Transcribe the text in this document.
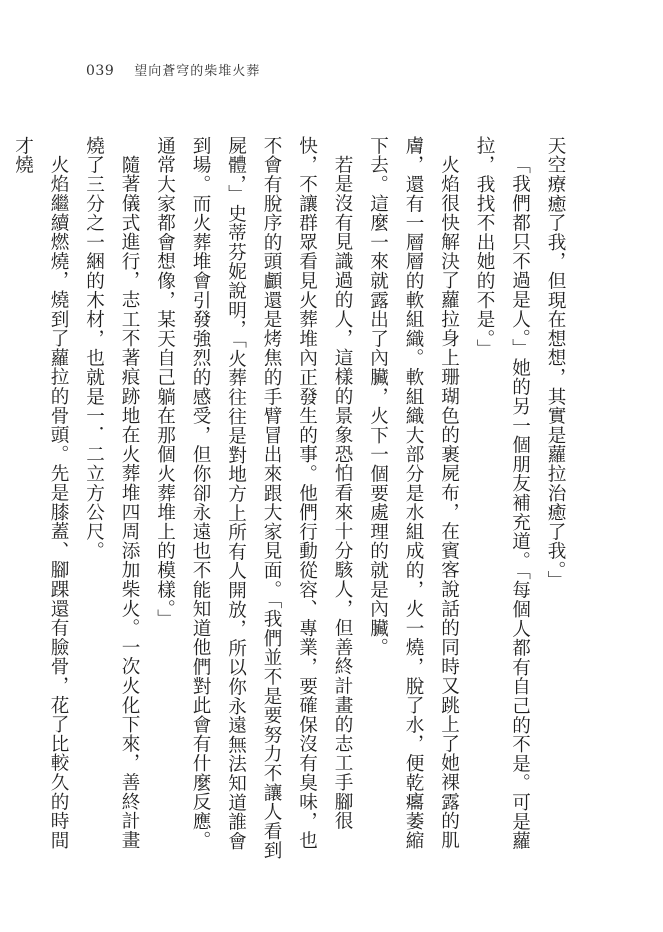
039 望向蒼穹的柴堆火葬

天空療癒了我，但現在想想，其實是蘿拉治癒了我。」

「我們都只不過是人。」她的另一個朋友補充道。「每個人都有自己的不是。可是蘿拉，我找不出她的不是。」

火焰很快解決了蘿拉身上珊瑚色的裹屍布，在賓客說話的同時又跳上了她裸露的肌膚，還有一層層的軟組織。軟組織大部分是水組成的，火一燒，脫了水，便乾癟萎縮下去。這麼一來就露出了內臟，火下一個要處理的就是內臟。

若是沒有見識過的人，這樣的景象恐怕看來十分駭人，但善終計畫的志工手腳很快，不讓群眾看見火葬堆內正發生的事。他們行動從容、專業，要確保沒有臭味，也不會有脫序的頭顱還是烤焦的手臂冒出來跟大家見面。「我們並不是要努力不讓人看到屍體，」史蒂芬妮說明，「火葬往往是對地方上所有人開放，所以你永遠無法知道誰會到場。而火葬堆會引發強烈的感受，但你卻永遠也不能知道他們對此會有什麼反應。通常大家都會想像，某天自己躺在那個火葬堆上的模樣。」

隨著儀式進行，志工不著痕跡地在火葬堆四周添加柴火。一次火化下來，善終計畫燒了三分之一綑的木材，也就是一．二立方公尺。

火焰繼續燃燒，燒到了蘿拉的骨頭。先是膝蓋、腳踝還有臉骨，花了比較久的時間才燒
